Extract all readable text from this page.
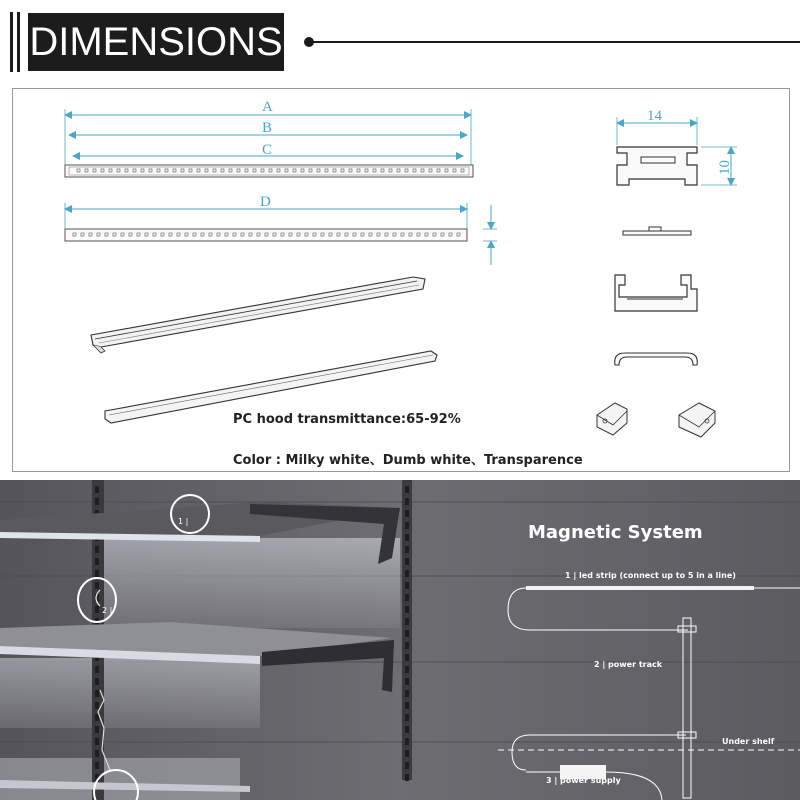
DIMENSIONS
A
B
C
D
14
10
PC hood transmittance:65-92%
Color : Milky white、Dumb white、Transparence
1 |
2 |
Magnetic System
1 | led strip (connect up to 5 in a line)
2 | power track
Under shelf
3 | power supply
